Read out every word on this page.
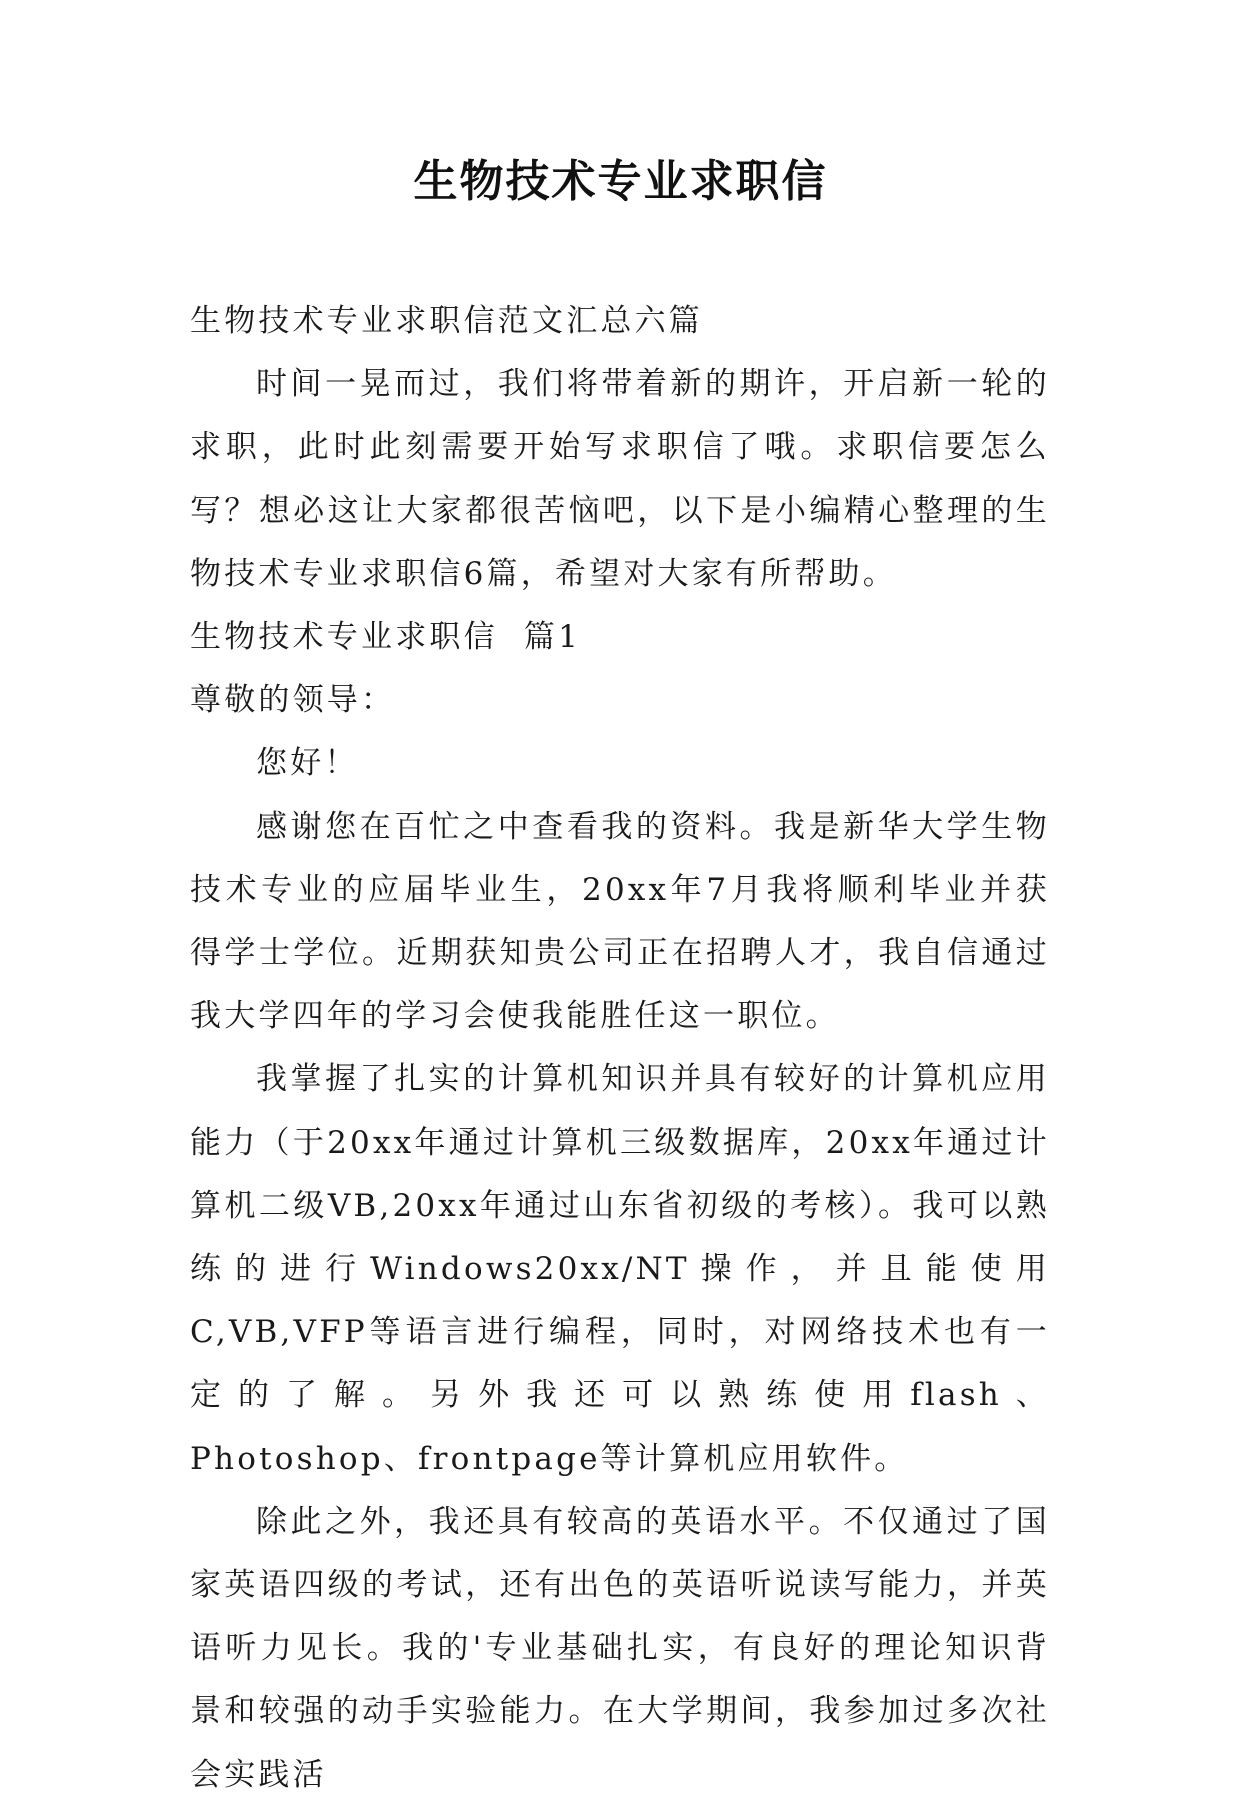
生物技术专业求职信

生物技术专业求职信范文汇总六篇

时间一晃而过，我们将带着新的期许，开启新一轮的求职，此时此刻需要开始写求职信了哦。求职信要怎么写？想必这让大家都很苦恼吧，以下是小编精心整理的生物技术专业求职信6篇，希望对大家有所帮助。

生物技术专业求职信  篇1

尊敬的领导：

您好！

感谢您在百忙之中查看我的资料。我是新华大学生物技术专业的应届毕业生，20xx年7月我将顺利毕业并获得学士学位。近期获知贵公司正在招聘人才，我自信通过我大学四年的学习会使我能胜任这一职位。

我掌握了扎实的计算机知识并具有较好的计算机应用能力（于20xx年通过计算机三级数据库，20xx年通过计算机二级VB,20xx年通过山东省初级的考核）。我可以熟练的进行Windows20xx/NT操作，并且能使用C,VB,VFP等语言进行编程，同时，对网络技术也有一定的了解。另外我还可以熟练使用flash、Photoshop、frontpage等计算机应用软件。

除此之外，我还具有较高的英语水平。不仅通过了国家英语四级的考试，还有出色的英语听说读写能力，并英语听力见长。我的'专业基础扎实，有良好的理论知识背景和较强的动手实验能力。在大学期间，我参加过多次社会实践活
